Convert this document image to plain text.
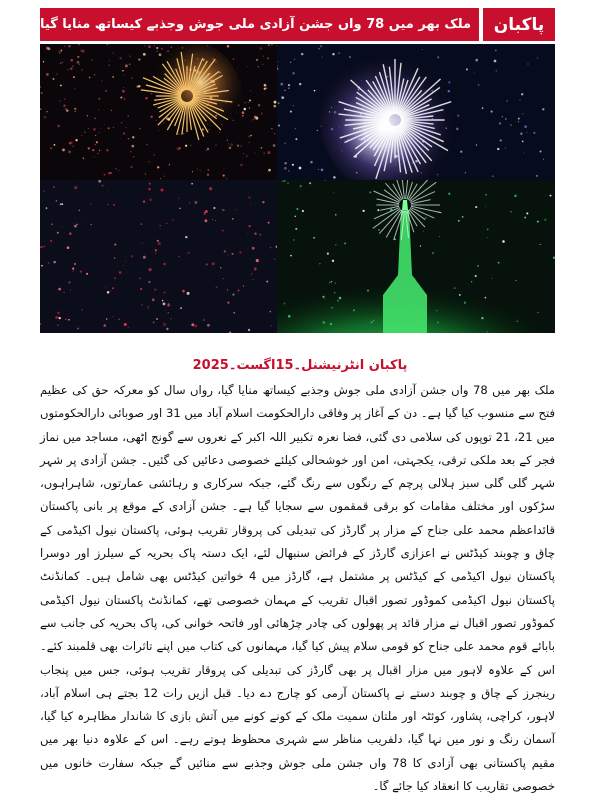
ملک بھر میں 78 واں جشن آزادی ملی جوش وجذبے کیساتھ منایا گیا	پاکبان
پاکبان انٹرنیشنل۔15اگست۔2025

ملک بھر میں 78 واں جشن آزادی ملی جوش وجذبے کیساتھ منایا گیا، رواں سال کو معرکہ حق کی عظیم فتح سے منسوب کیا گیا ہے۔ دن کے آغاز پر وفاقی دارالحکومت اسلام آباد میں 31 اور صوبائی دارالحکومتوں میں 21، 21 توپوں کی سلامی دی گئی، فضا نعرہ تکبیر اللہ اکبر کے نعروں سے گونج اٹھی، مساجد میں نماز فجر کے بعد ملکی ترقی، یکجہتی، امن اور خوشحالی کیلئے خصوصی دعائیں کی گئیں۔ جشن آزادی پر شہر شہر گلی گلی سبز ہلالی پرچم کے رنگوں سے رنگ گئے، جبکہ سرکاری و رہائشی عمارتوں، شاہراہوں، سڑکوں اور مختلف مقامات کو برقی قمقموں سے سجایا گیا ہے۔ جشن آزادی کے موقع پر بانی پاکستان قائداعظم محمد علی جناح کے مزار پر گارڈز کی تبدیلی کی پروقار تقریب ہوئی، پاکستان نیول اکیڈمی کے چاق و چوبند کیڈٹس نے اعزازی گارڈز کے فرائض سنبھال لئے، ایک دستہ پاک بحریہ کے سیلرز اور دوسرا پاکستان نیول اکیڈمی کے کیڈٹس پر مشتمل ہے، گارڈز میں 4 خواتین کیڈٹس بھی شامل ہیں۔ کمانڈنٹ پاکستان نیول اکیڈمی کموڈور تصور اقبال تقریب کے مہمان خصوصی تھے، کمانڈنٹ پاکستان نیول اکیڈمی کموڈور تصور اقبال نے مزار قائد پر پھولوں کی چادر چڑھائی اور فاتحہ خوانی کی، پاک بحریہ کی جانب سے بابائے قوم محمد علی جناح کو قومی سلام پیش کیا گیا، مہمانوں کی کتاب میں اپنے تاثرات بھی قلمبند کئے۔ اس کے علاوہ لاہور میں مزار اقبال پر بھی گارڈز کی تبدیلی کی پروقار تقریب ہوئی، جس میں پنجاب رینجرز کے چاق و چوبند دستے نے پاکستان آرمی کو چارج دے دیا۔ قبل ازیں رات 12 بجتے ہی اسلام آباد، لاہور، کراچی، پشاور، کوئٹہ اور ملتان سمیت ملک کے کونے کونے میں آتش بازی کا شاندار مظاہرہ کیا گیا، آسمان رنگ و نور میں نہا گیا، دلفریب مناظر سے شہری محظوظ ہوتے رہے۔ اس کے علاوہ دنیا بھر میں مقیم پاکستانی بھی آزادی کا 78 واں جشن ملی جوش وجذبے سے منائیں گے جبکہ سفارت خانوں میں خصوصی تقاریب کا انعقاد کیا جائے گا۔
